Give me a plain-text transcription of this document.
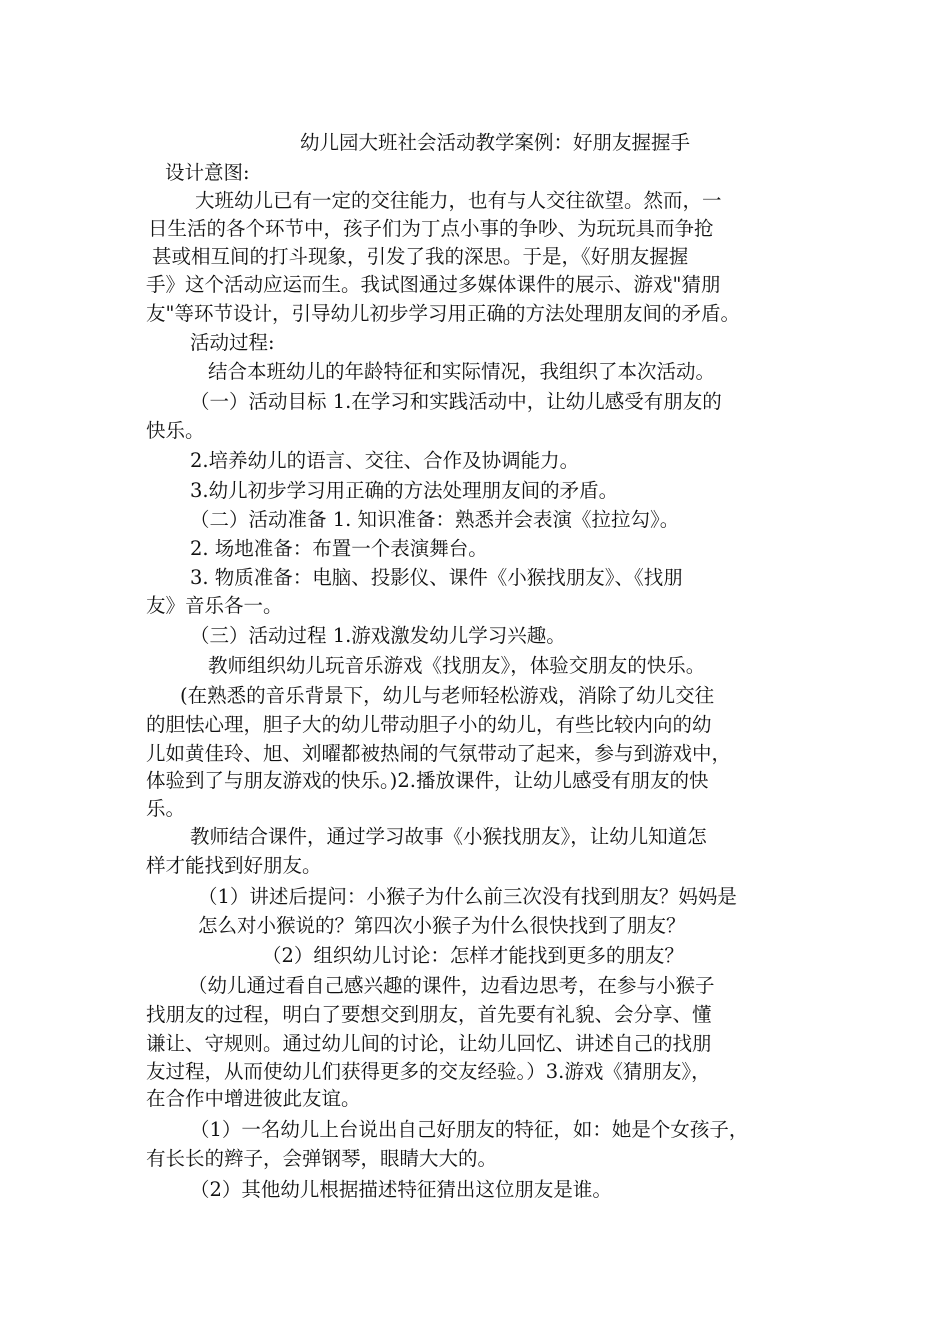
幼儿园大班社会活动教学案例：好朋友握握手
设计意图:
大班幼儿已有一定的交往能力，也有与人交往欲望。然而，一
日生活的各个环节中，孩子们为丁点小事的争吵、为玩玩具而争抢
甚或相互间的打斗现象，引发了我的深思。于是，《好朋友握握
手》这个活动应运而生。我试图通过多媒体课件的展示、游戏"猜朋
友"等环节设计，引导幼儿初步学习用正确的方法处理朋友间的矛盾。
活动过程:
结合本班幼儿的年龄特征和实际情况，我组织了本次活动。
（一）活动目标 1.在学习和实践活动中，让幼儿感受有朋友的
快乐。
2.培养幼儿的语言、交往、合作及协调能力。
3.幼儿初步学习用正确的方法处理朋友间的矛盾。
（二）活动准备 1. 知识准备：熟悉并会表演《拉拉勾》。
2. 场地准备：布置一个表演舞台。
3. 物质准备：电脑、投影仪、课件《小猴找朋友》、《找朋
友》音乐各一。
（三）活动过程 1.游戏激发幼儿学习兴趣。
教师组织幼儿玩音乐游戏《找朋友》，体验交朋友的快乐。
(在熟悉的音乐背景下，幼儿与老师轻松游戏，消除了幼儿交往
的胆怯心理，胆子大的幼儿带动胆子小的幼儿，有些比较内向的幼
儿如黄佳玲、旭、刘曜都被热闹的气氛带动了起来，参与到游戏中，
体验到了与朋友游戏的快乐。)2.播放课件，让幼儿感受有朋友的快
乐。
教师结合课件，通过学习故事《小猴找朋友》，让幼儿知道怎
样才能找到好朋友。
（1）讲述后提问：小猴子为什么前三次没有找到朋友？妈妈是
怎么对小猴说的？第四次小猴子为什么很快找到了朋友？
（2）组织幼儿讨论：怎样才能找到更多的朋友？
（幼儿通过看自己感兴趣的课件，边看边思考，在参与小猴子
找朋友的过程，明白了要想交到朋友，首先要有礼貌、会分享、懂
谦让、守规则。通过幼儿间的讨论，让幼儿回忆、讲述自己的找朋
友过程，从而使幼儿们获得更多的交友经验。）3.游戏《猜朋友》，
在合作中增进彼此友谊。
（1）一名幼儿上台说出自己好朋友的特征，如：她是个女孩子，
有长长的辫子，会弹钢琴，眼睛大大的。
（2）其他幼儿根据描述特征猜出这位朋友是谁。
